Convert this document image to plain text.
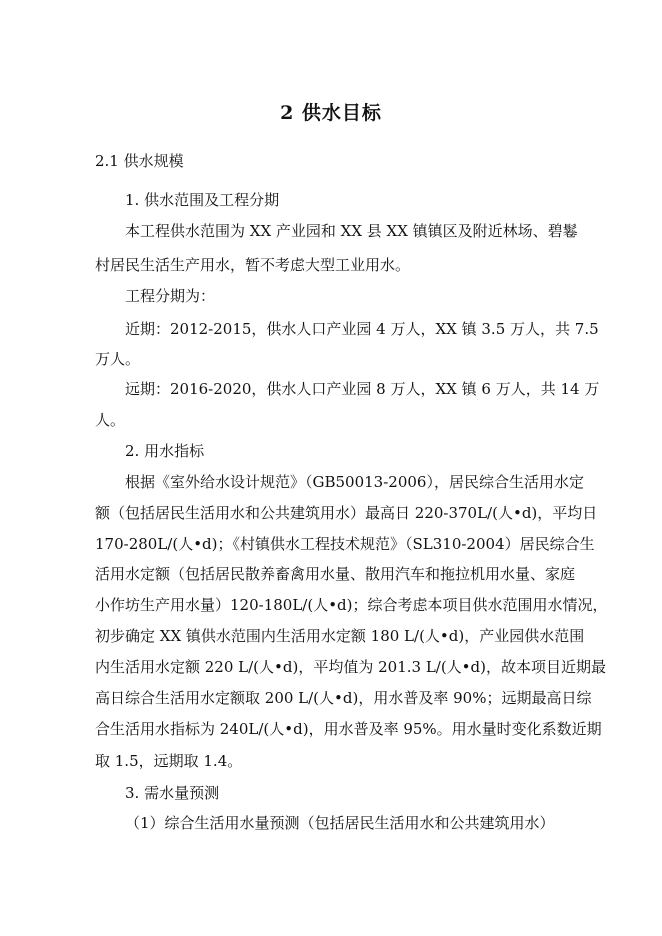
2 供水目标
2.1 供水规模
1. 供水范围及工程分期
本工程供水范围为 XX 产业园和 XX 县 XX 镇镇区及附近林场、碧鬈
村居民生活生产用水，暂不考虑大型工业用水。
工程分期为：
近期：2012-2015，供水人口产业园 4 万人，XX 镇 3.5 万人，共 7.5
万人。
远期：2016-2020，供水人口产业园 8 万人，XX 镇 6 万人，共 14 万
人。
2. 用水指标
根据《室外给水设计规范》（GB50013-2006），居民综合生活用水定
额（包括居民生活用水和公共建筑用水）最高日 220-370L/(人•d)，平均日
170-280L/(人•d)；《村镇供水工程技术规范》（SL310-2004）居民综合生
活用水定额（包括居民散养畜禽用水量、散用汽车和拖拉机用水量、家庭
小作坊生产用水量）120-180L/(人•d)；综合考虑本项目供水范围用水情况，
初步确定 XX 镇供水范围内生活用水定额 180 L/(人•d)，产业园供水范围
内生活用水定额 220 L/(人•d)，平均值为 201.3 L/(人•d)，故本项目近期最
高日综合生活用水定额取 200 L/(人•d)，用水普及率 90%；远期最高日综
合生活用水指标为 240L/(人•d)，用水普及率 95%。用水量时变化系数近期
取 1.5，远期取 1.4。
3. 需水量预测
（1）综合生活用水量预测（包括居民生活用水和公共建筑用水）
